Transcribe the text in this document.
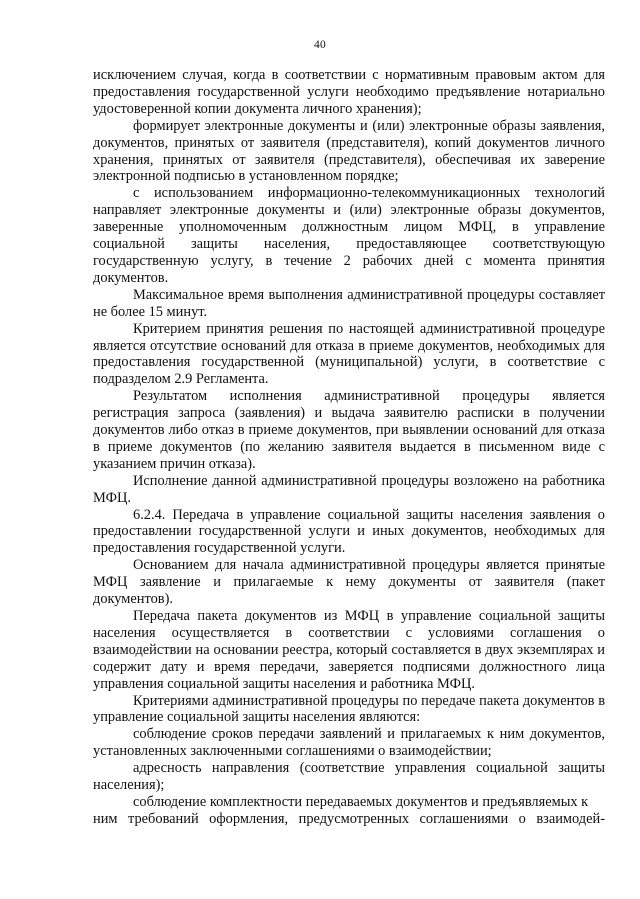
40

исключением случая, когда в соответствии с нормативным правовым актом для предоставления государственной услуги необходимо предъявление нотариально удостоверенной копии документа личного хранения);

формирует электронные документы и (или) электронные образы заявления, документов, принятых от заявителя (представителя), копий документов личного хранения, принятых от заявителя (представителя), обеспечивая их заверение электронной подписью в установленном порядке;

с использованием информационно-телекоммуникационных технологий направляет электронные документы и (или) электронные образы документов, заверенные уполномоченным должностным лицом МФЦ, в управление социальной защиты населения, предоставляющее соответствующую государственную услугу, в течение 2 рабочих дней с момента принятия документов.

Максимальное время выполнения административной процедуры составляет не более 15 минут.

Критерием принятия решения по настоящей административной процедуре является отсутствие оснований для отказа в приеме документов, необходимых для предоставления государственной (муниципальной) услуги, в соответствие с подразделом 2.9 Регламента.

Результатом исполнения административной процедуры является регистрация запроса (заявления) и выдача заявителю расписки в получении документов либо отказ в приеме документов, при выявлении оснований для отказа в приеме документов (по желанию заявителя выдается в письменном виде с указанием причин отказа).

Исполнение данной административной процедуры возложено на работника МФЦ.

6.2.4. Передача в управление социальной защиты населения заявления о предоставлении государственной услуги и иных документов, необходимых для предоставления государственной услуги.

Основанием для начала административной процедуры является принятые МФЦ заявление и прилагаемые к нему документы от заявителя (пакет документов).

Передача пакета документов из МФЦ в управление социальной защиты населения осуществляется в соответствии с условиями соглашения о взаимодействии на основании реестра, который составляется в двух экземплярах и содержит дату и время передачи, заверяется подписями должностного лица управления социальной защиты населения и работника МФЦ.

Критериями административной процедуры по передаче пакета документов в управление социальной защиты населения являются:

соблюдение сроков передачи заявлений и прилагаемых к ним документов, установленных заключенными соглашениями о взаимодействии;

адресность направления (соответствие управления социальной защиты населения);

соблюдение комплектности передаваемых документов и предъявляемых к ним требований оформления, предусмотренных соглашениями о взаимодей-
